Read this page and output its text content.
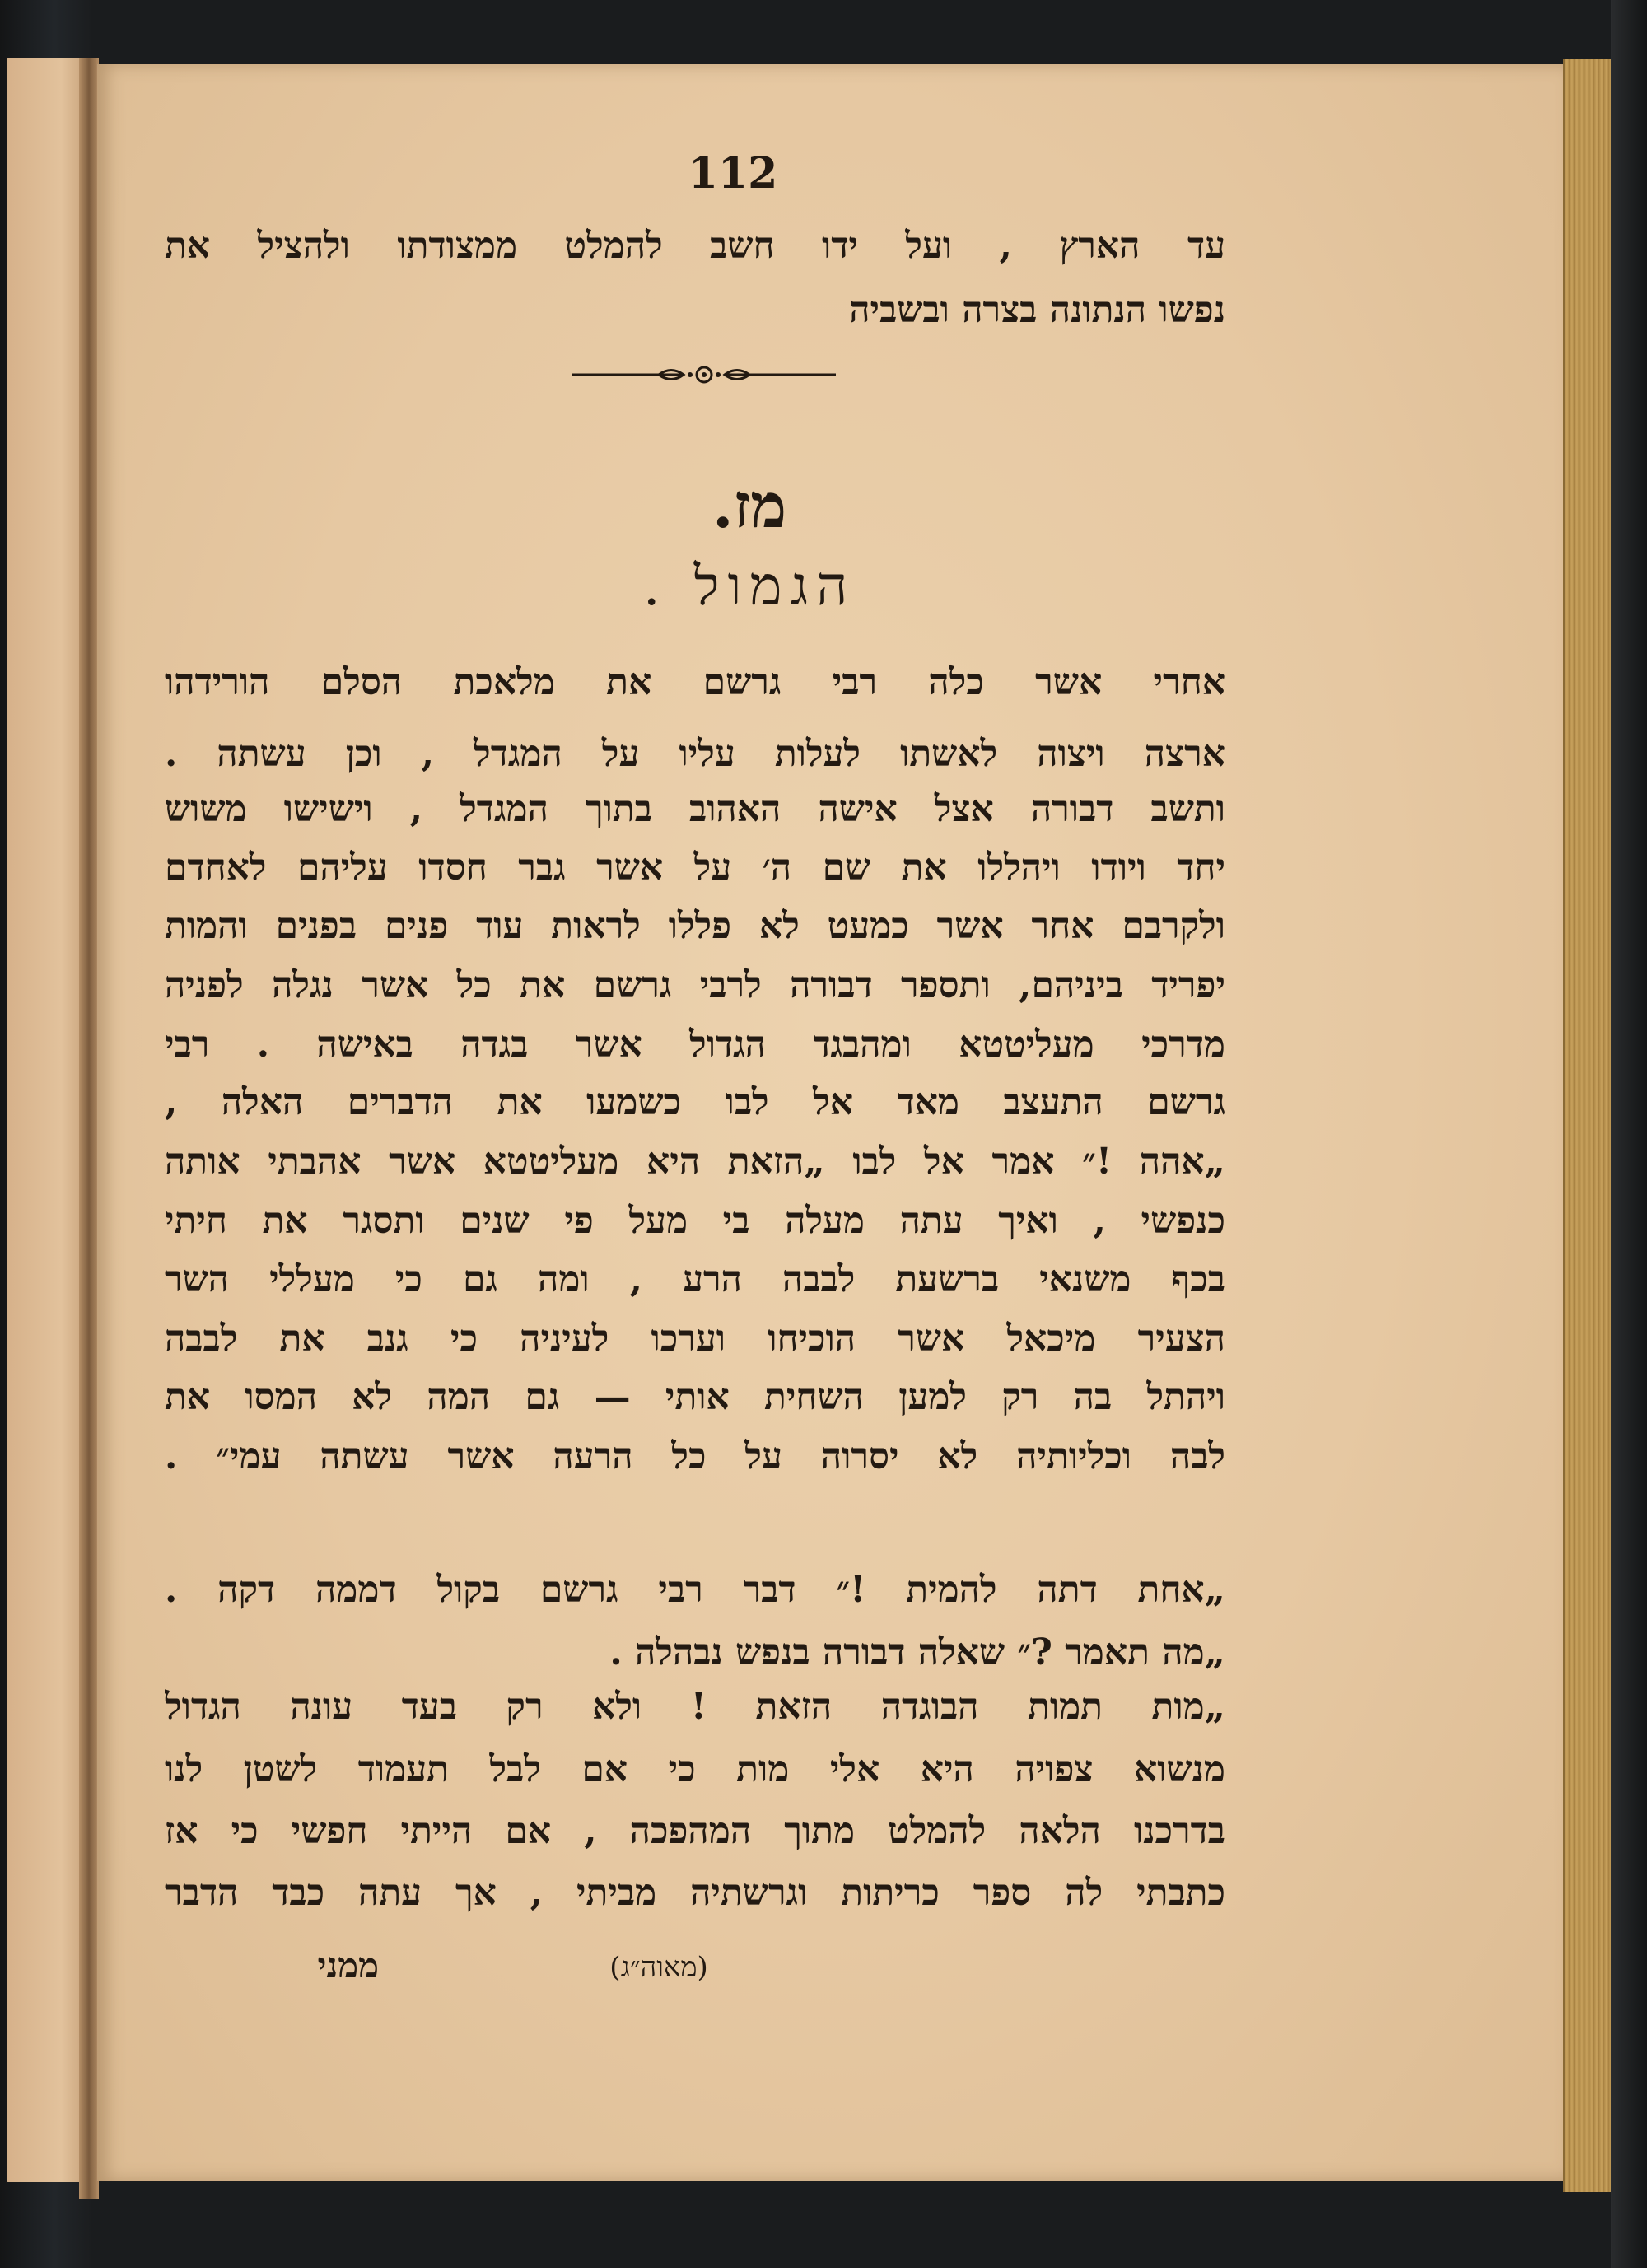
112
עד הארץ , ועל ידו חשב להמלט ממצודתו ולהציל את
נפשו הנתונה בצרה ובשביה
מז.
הגמול .
אחרי אשר כלה רבי גרשם את מלאכת הסלם הורידהו
ארצה ויצוה לאשתו לעלות עליו על המגדל , וכן עשתה .
ותשב דבורה אצל אישה האהוב בתוך המגדל , וישישו משוש
יחד ויודו ויהללו את שם ה׳ על אשר גבר חסדו עליהם לאחדם
ולקרבם אחר אשר כמעט לא פללו לראות עוד פנים בפנים והמות
יפריד ביניהם, ותספר דבורה לרבי גרשם את כל אשר נגלה לפניה
מדרכי מעליטטא ומהבגד הגדול אשר בגדה באישה . רבי
גרשם התעצב מאד אל לבו כשמעו את הדברים האלה ,
„אהה !״ אמר אל לבו „הזאת היא מעליטטא אשר אהבתי אותה
כנפשי , ואיך עתה מעלה בי מעל פי שנים ותסגר את חיתי
בכף משנאי ברשעת לבבה הרע , ומה גם כי מעללי השר
הצעיר מיכאל אשר הוכיחו וערכו לעיניה כי גנב את לבבה
ויהתל בה רק למען השחית אותי — גם המה לא המסו את
לבה וכליותיה לא יסרוה על כל הרעה אשר עשתה עמי״ .
„אחת דתה להמית !״ דבר רבי גרשם בקול דממה דקה .
„מה תאמר ?״ שאלה דבורה בנפש נבהלה .
„מות תמות הבוגדה הזאת ! ולא רק בעד עונה הגדול
מנשוא צפויה היא אלי מות כי אם לבל תעמוד לשטן לנו
בדרכנו הלאה להמלט מתוך המהפכה , אם הייתי חפשי כי אז
כתבתי לה ספר כריתות וגרשתיה מביתי , אך עתה כבד הדבר
(מאוה״ג)
ממני
